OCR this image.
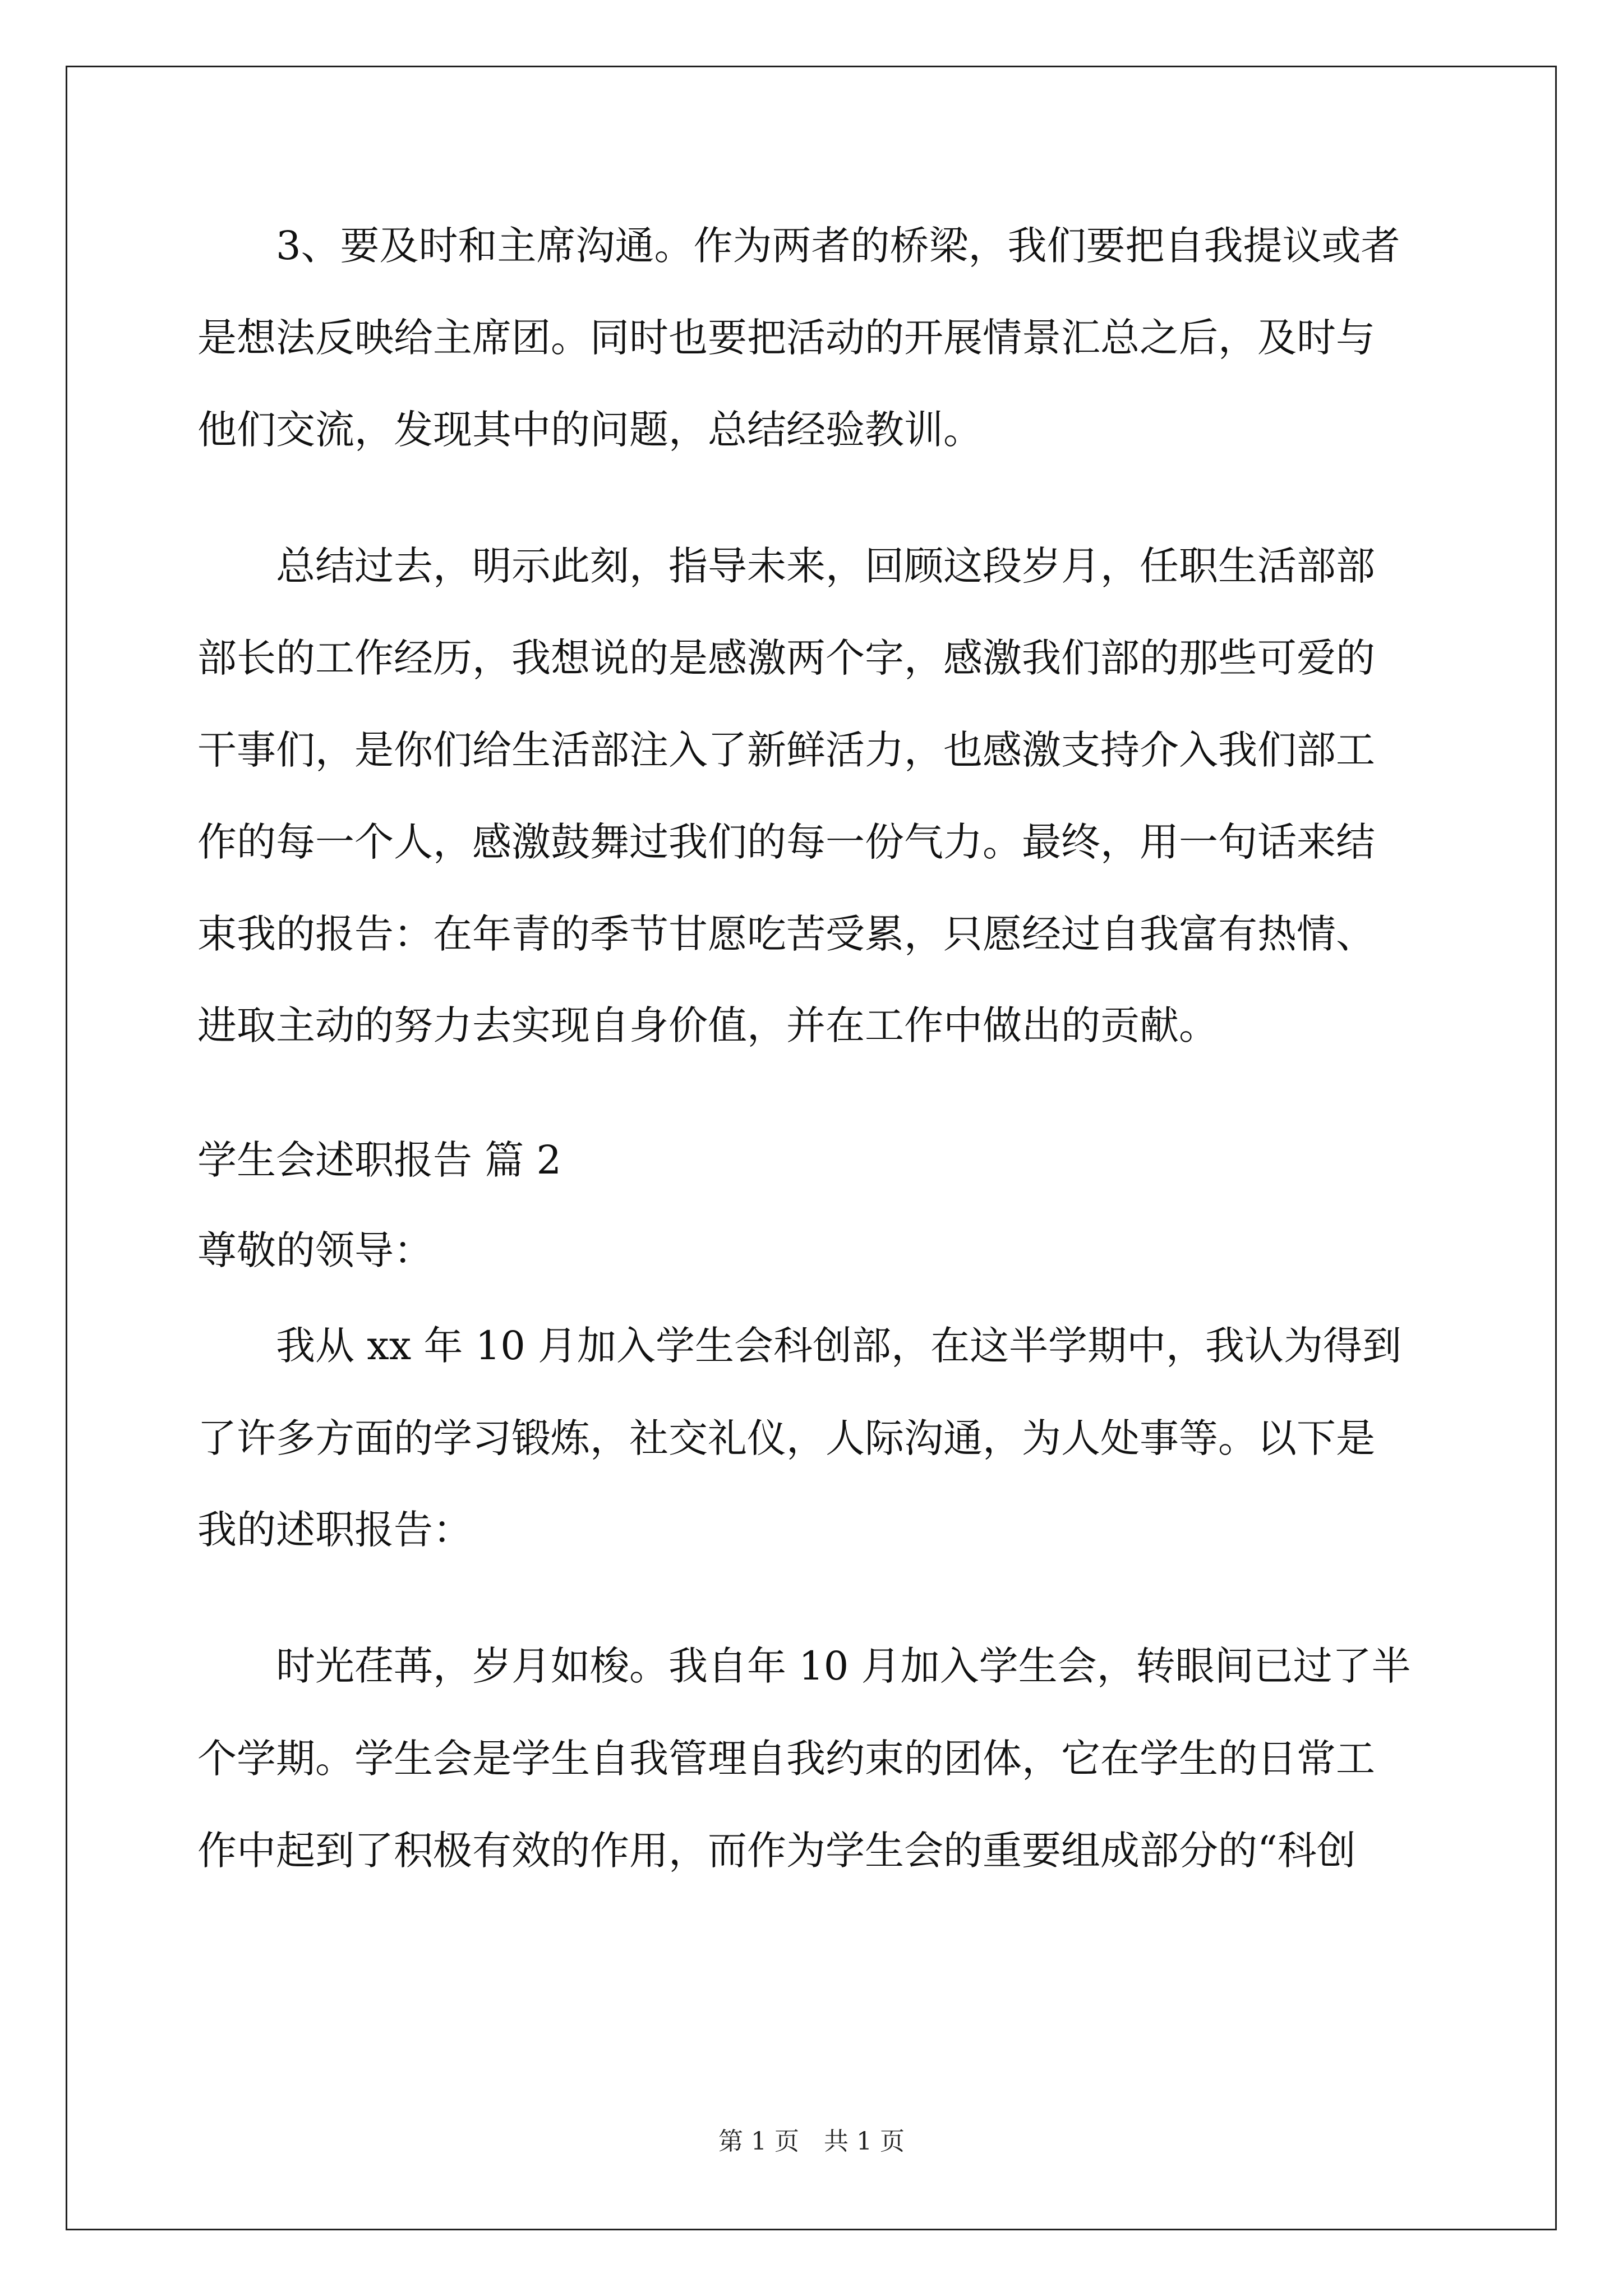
　　3、要及时和主席沟通。作为两者的桥梁，我们要把自我提议或者
是想法反映给主席团。同时也要把活动的开展情景汇总之后，及时与
他们交流，发现其中的问题，总结经验教训。
　　总结过去，明示此刻，指导未来，回顾这段岁月，任职生活部部
部长的工作经历，我想说的是感激两个字，感激我们部的那些可爱的
干事们，是你们给生活部注入了新鲜活力，也感激支持介入我们部工
作的每一个人，感激鼓舞过我们的每一份气力。最终，用一句话来结
束我的报告：在年青的季节甘愿吃苦受累，只愿经过自我富有热情、
进取主动的努力去实现自身价值，并在工作中做出的贡献。
学生会述职报告 篇 2
尊敬的领导：
　　我从 xx 年 10 月加入学生会科创部，在这半学期中，我认为得到
了许多方面的学习锻炼，社交礼仪，人际沟通，为人处事等。以下是
我的述职报告：
　　时光荏苒，岁月如梭。我自年 10 月加入学生会，转眼间已过了半
个学期。学生会是学生自我管理自我约束的团体，它在学生的日常工
作中起到了积极有效的作用，而作为学生会的重要组成部分的“科创
第 1 页　共 1 页
